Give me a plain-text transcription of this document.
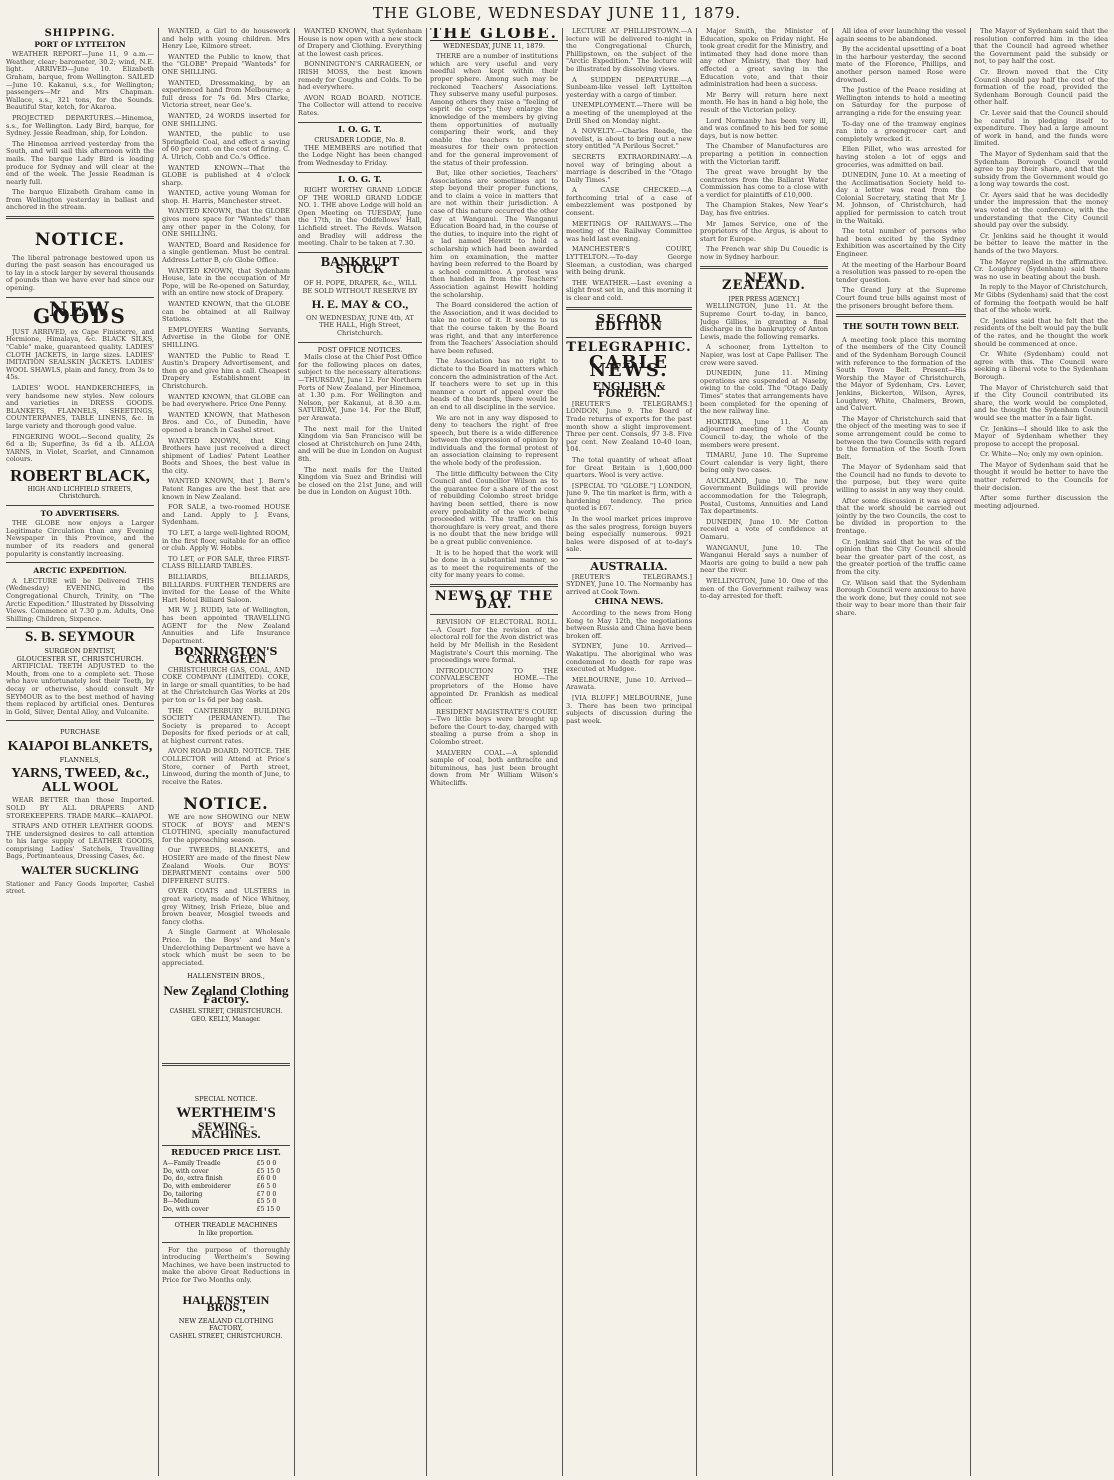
THE GLOBE, WEDNESDAY JUNE 11, 1879.
SHIPPING.
PORT OF LYTTELTON

WEATHER REPORT—June 11, 9 a.m.—Weather, clear; barometer, 30.2; wind, N.E. light. ARRIVED—June 10. Elizabeth Graham, barque, from Wellington. SAILED—June 10. Kakanui, s.s., for Wellington; passengers—Mr and Mrs Chapman. Wallace, s.s., 321 tons, for the Sounds. Beautiful Star, ketch, for Akaroa.

PROJECTED DEPARTURES.—Hinemoa, s.s., for Wellington. Lady Bird, barque, for Sydney. Jessie Readman, ship, for London.

The Hinemoa arrived yesterday from the South, and will sail this afternoon with the mails. The barque Lady Bird is loading produce for Sydney and will clear at the end of the week. The Jessie Readman is nearly full.

The barque Elizabeth Graham came in from Wellington yesterday in ballast and anchored in the stream.

NOTICE.

The liberal patronage bestowed upon us during the past season has encouraged us to lay in a stock larger by several thousands of pounds than we have ever had since our opening.

NEW GOODS

JUST ARRIVED, ex Cape Finisterre, and Hermione, Himalaya, &c. BLACK SILKS, "Cable" make, guaranteed quality. LADIES' CLOTH JACKETS, in large sizes. LADIES' IMITATION SEALSKIN JACKETS. LADIES' WOOL SHAWLS, plain and fancy, from 3s to 45s.

LADIES' WOOL HANDKERCHIEFS, in very handsome new styles. New colours and varieties in DRESS GOODS. BLANKETS, FLANNELS, SHEETINGS, COUNTERPANES, TABLE LINENS, &c. In large variety and thorough good value.

FINGERING WOOL—Second quality, 2s 6d a lb; Superfine, 3s 6d a lb. ALLOA YARNS, in Violet, Scarlet, and Cinnamon colours.

ROBERT BLACK,
HIGH AND LICHFIELD STREETS, Christchurch.
TO ADVERTISERS.

THE GLOBE now enjoys a Larger Legitimate Circulation than any Evening Newspaper in this Province, and the number of its readers and general popularity is constantly increasing.

ARCTIC EXPEDITION.

A LECTURE will be Delivered THIS (Wednesday) EVENING, in the Congregational Church, Trinity, on "The Arctic Expedition." Illustrated by Dissolving Views. Commence at 7.30 p.m. Adults, One Shilling; Children, Sixpence.

S. B. SEYMOUR
SURGEON DENTIST,
GLOUCESTER ST., CHRISTCHURCH.

ARTIFICIAL TEETH ADJUSTED to the Mouth, from one to a complete set. Those who have unfortunately lost their Teeth, by decay or otherwise, should consult Mr SEYMOUR as to the best method of having them replaced by artificial ones. Dentures in Gold, Silver, Dental Alloy, and Vulcanite.

PURCHASE
KAIAPOI BLANKETS,
FLANNELS,
YARNS, TWEED, &c.,
ALL WOOL

WEAR BETTER than those Imported. SOLD BY ALL DRAPERS AND STOREKEEPERS. TRADE MARK—KAIAPOI.

STRAPS AND OTHER LEATHER GOODS. THE undersigned desires to call attention to his large supply of LEATHER GOODS, comprising Ladies' Satchels, Travelling Bags, Portmanteaus, Dressing Cases, &c.

WALTER SUCKLING
Stationer and Fancy Goods Importer, Cashel street.

WANTED, a Girl to do housework and help with young children. Mrs Henry Lee, Kilmore street.

WANTED the Public to know, that the "GLOBE" Prepaid "Wanteds" for ONE SHILLING.

WANTED, Dressmaking, by an experienced hand from Melbourne; a full dress for 7s 6d. Mrs Clarke, Victoria street, near Gee's.

WANTED, 24 WORDS inserted for ONE SHILLING.

WANTED, the public to use Springfield Coal, and effect a saving of 60 per cent. on the cost of firing. C. A. Ulrich, Cobb and Co.'s Office.

WANTED KNOWN—That the GLOBE is published at 4 o'clock sharp.

WANTED, active young Woman for shop. H. Harris, Manchester street.

WANTED KNOWN, that the GLOBE gives more space for "Wanteds" than any other paper in the Colony, for ONE SHILLING.

WANTED, Board and Residence for a single gentleman. Must be central. Address Letter B, c/o Globe Office.

WANTED KNOWN, that Sydenham House, late in the occupation of Mr Pope, will be Re-opened on Saturday, with an entire new stock of Drapery.

WANTED KNOWN, that the GLOBE can be obtained at all Railway Stations.

EMPLOYERS Wanting Servants, Advertise in the Globe for ONE SHILLING.

WANTED the Public to Read T. Austin's Drapery Advertisement, and then go and give him a call. Cheapest Drapery Establishment in Christchurch.

WANTED KNOWN, that GLOBE can be had everywhere. Price One Penny.

WANTED KNOWN, that Matheson Bros. and Co., of Dunedin, have opened a branch in Cashel street.

WANTED KNOWN, that King Brothers have just received a direct shipment of Ladies' Patent Leather Boots and Shoes, the best value in the city.

WANTED KNOWN, that J. Bern's Patent Ranges are the best that are known in New Zealand.

FOR SALE, a two-roomed HOUSE and Land. Apply to J. Evans, Sydenham.

TO LET, a large well-lighted ROOM, in the first floor, suitable for an office or club. Apply W. Hobbs.

TO LET, or FOR SALE, three FIRST-CLASS BILLIARD TABLES.

BILLIARDS, BILLIARDS, BILLIARDS. FURTHER TENDERS are invited for the Lease of the White Hart Hotel Billiard Saloon.

MR W. J. RUDD, late of Wellington, has been appointed TRAVELLING AGENT for the New Zealand Annuities and Life Insurance Department.

BONNINGTON'S CARRAGEEN

CHRISTCHURCH GAS, COAL, AND COKE COMPANY (LIMITED). COKE, in large or small quantities, to be had at the Christchurch Gas Works at 20s per ton or 1s 6d per bag cash.

THE CANTERBURY BUILDING SOCIETY (PERMANENT). The Society is prepared to Accept Deposits for fixed periods or at call, at highest current rates.

AVON ROAD BOARD. NOTICE. THE COLLECTOR will Attend at Price's Store, corner of Perth street, Linwood, during the month of June, to receive the Rates.

NOTICE.

WE are now SHOWING our NEW STOCK of BOYS' and MEN'S CLOTHING, specially manufactured for the approaching season.

Our TWEEDS, BLANKETS, and HOSIERY are made of the finest New Zealand Wools. Our BOYS' DEPARTMENT contains over 500 DIFFERENT SUITS.

OVER COATS and ULSTERS in great variety, made of Nice Whitney, grey Witney, Irish Frieze, blue and brown beaver, Mosgiel tweeds and fancy cloths.

A Single Garment at Wholesale Price. In the Boys' and Men's Underclothing Department we have a stock which must be seen to be appreciated.

HALLENSTEIN BROS.,
New Zealand Clothing Factory.
CASHEL STREET, CHRISTCHURCH. GEO. KELLY, Manager.
SPECIAL NOTICE.
WERTHEIM'S
SEWING - MACHINES.
REDUCED PRICE LIST.
A—Family Treadle	£5 0 0
Do, with cover	£5 15 0
Do, do, extra finish	£6 0 0
Do, with embroiderer	£6 5 0
Do, tailoring	£7 0 0
B—Medium	£5 5 0
Do, with cover	£5 15 0
OTHER TREADLE MACHINES
In like proportion.

For the purpose of thoroughly introducing Wertheim's Sewing Machines, we have been instructed to make the above Great Reductions in Price for Two Months only.

HALLENSTEIN BROS.,
NEW ZEALAND CLOTHING FACTORY,
CASHEL STREET, CHRISTCHURCH.

WANTED KNOWN, that Sydenham House is now open with a new stock of Drapery and Clothing. Everything at the lowest cash prices.

BONNINGTON'S CARRAGEEN, or IRISH MOSS, the best known remedy for Coughs and Colds. To be had everywhere.

AVON ROAD BOARD. NOTICE. The Collector will attend to receive Rates.

I. O. G. T.
CRUSADER LODGE, No. 8.

THE MEMBERS are notified that the Lodge Night has been changed from Wednesday to Friday.

I. O. G. T.

RIGHT WORTHY GRAND LODGE OF THE WORLD GRAND LODGE NO. 1. THE above Lodge will hold an Open Meeting on TUESDAY, June the 17th, in the Oddfellows' Hall, Lichfield street. The Revds. Watson and Bradley will address the meeting. Chair to be taken at 7.30.

BANKRUPT STOCK

OF H. POPE, DRAPER, &c., WILL BE SOLD WITHOUT RESERVE BY

H. E. MAY & CO.,

ON WEDNESDAY, JUNE 4th, AT THE HALL, High Street, Christchurch.

POST OFFICE NOTICES.

Mails close at the Chief Post Office for the following places on dates, subject to the necessary alterations:—THURSDAY, June 12. For Northern Ports of New Zealand, per Hinemoa, at 1.30 p.m. For Wellington and Nelson, per Kakanui, at 8.30 a.m. SATURDAY, June 14. For the Bluff, per Arawata.

The next mail for the United Kingdom via San Francisco will be closed at Christchurch on June 24th, and will be due in London on August 8th.

The next mails for the United Kingdom via Suez and Brindisi will be closed on the 21st June, and will be due in London on August 10th.

THE GLOBE.
WEDNESDAY, JUNE 11, 1879.

THERE are a number of institutions which are very useful and very needful when kept within their proper sphere. Among such may be reckoned Teachers' Associations. They subserve many useful purposes. Among others they raise a "feeling of esprit de corps"; they enlarge the knowledge of the members by giving them opportunities of mutually comparing their work, and they enable the teachers to present measures for their own protection and for the general improvement of the status of their profession.

But, like other societies, Teachers' Associations are sometimes apt to step beyond their proper functions, and to claim a voice in matters that are not within their jurisdiction. A case of this nature occurred the other day at Wanganui. The Wanganui Education Board had, in the course of the duties, to inquire into the right of a lad named Hewitt to hold a scholarship which had been awarded him on examination, the matter having been referred to the Board by a school committee. A protest was then handed in from the Teachers' Association against Hewitt holding the scholarship.

The Board considered the action of the Association, and it was decided to take no notice of it. It seems to us that the course taken by the Board was right, and that any interference from the Teachers' Association should have been refused.

The Association has no right to dictate to the Board in matters which concern the administration of the Act. If teachers were to set up in this manner a court of appeal over the heads of the boards, there would be an end to all discipline in the service.

We are not in any way disposed to deny to teachers the right of free speech, but there is a wide difference between the expression of opinion by individuals and the formal protest of an association claiming to represent the whole body of the profession.

The little difficulty between the City Council and Councillor Wilson as to the guarantee for a share of the cost of rebuilding Colombo street bridge having been settled, there is now every probability of the work being proceeded with. The traffic on this thoroughfare is very great, and there is no doubt that the new bridge will be a great public convenience.

It is to be hoped that the work will be done in a substantial manner, so as to meet the requirements of the city for many years to come.

NEWS OF THE DAY.

REVISION OF ELECTORAL ROLL.—A Court for the revision of the electoral roll for the Avon district was held by Mr Mellish in the Resident Magistrate's Court this morning. The proceedings were formal.

INTRODUCTION TO THE CONVALESCENT HOME.—The proprietors of the Home have appointed Dr. Frankish as medical officer.

RESIDENT MAGISTRATE'S COURT.—Two little boys were brought up before the Court to-day, charged with stealing a purse from a shop in Colombo street.

MALVERN COAL.—A splendid sample of coal, both anthracite and bituminous, has just been brought down from Mr William Wilson's Whitecliffs.

LECTURE AT PHILLIPSTOWN.—A lecture will be delivered to-night in the Congregational Church, Phillipstown, on the subject of the "Arctic Expedition." The lecture will be illustrated by dissolving views.

A SUDDEN DEPARTURE.—A Sunbeam-like vessel left Lyttelton yesterday with a cargo of timber.

UNEMPLOYMENT.—There will be a meeting of the unemployed at the Drill Shed on Monday night.

A NOVELTY.—Charles Reade, the novelist, is about to bring out a new story entitled "A Perilous Secret."

SECRETS EXTRAORDINARY.—A novel way of bringing about a marriage is described in the "Otago Daily Times."

A CASE CHECKED.—A forthcoming trial of a case of embezzlement was postponed by consent.

MEETINGS OF RAILWAYS.—The meeting of the Railway Committee was held last evening.

MANCHESTER'S COURT, LYTTELTON.—To-day George Sleeman, a custodian, was charged with being drunk.

THE WEATHER.—Last evening a slight frost set in, and this morning it is clear and cold.

SECOND EDITION
TELEGRAPHIC.
CABLE NEWS.
ENGLISH & FOREIGN.

[REUTER'S TELEGRAMS.] LONDON, June 9. The Board of Trade returns of exports for the past month show a slight improvement. Three per cent. Consols, 97 3-8. Five per cent. New Zealand 10-40 loan, 104.

The total quantity of wheat afloat for Great Britain is 1,600,000 quarters. Wool is very active.

[SPECIAL TO "GLOBE."] LONDON, June 9. The tin market is firm, with a hardening tendency. The price quoted is £67.

In the wool market prices improve as the sales progress, foreign buyers being especially numerous. 9921 bales were disposed of at to-day's sale.

AUSTRALIA.

[REUTER'S TELEGRAMS.] SYDNEY, June 10. The Normanby has arrived at Cook Town.

CHINA NEWS.

According to the news from Hong Kong to May 12th, the negotiations between Russia and China have been broken off.

SYDNEY, June 10. Arrived—Wakatipu. The aboriginal who was condemned to death for rape was executed at Mudgee.

MELBOURNE, June 10. Arrived—Arawata.

[VIA BLUFF.] MELBOURNE, June 3. There has been two principal subjects of discussion during the past week.

Major Smith, the Minister of Education, spoke on Friday night. He took great credit for the Ministry, and intimated they had done more than any other Ministry, that they had effected a great saving in the Education vote, and that their administration had been a success.

Mr Berry will return here next month. He has in hand a big hole, the result of the Victorian policy.

Lord Normanby has been very ill, and was confined to his bed for some days, but is now better.

The Chamber of Manufactures are preparing a petition in connection with the Victorian tariff.

The great wave brought by the contractors from the Ballarat Water Commission has come to a close with a verdict for plaintiffs of £10,000.

The Champion Stakes, New Year's Day, has five entries.

Mr James Service, one of the proprietors of the Argus, is about to start for Europe.

The French war ship Du Couedic is now in Sydney harbour.

NEW ZEALAND.
[PER PRESS AGENCY.]

WELLINGTON, June 11. At the Supreme Court to-day, in banco, Judge Gillies, in granting a final discharge in the bankruptcy of Anton Lewis, made the following remarks.

A schooner, from Lyttelton to Napier, was lost at Cape Palliser. The crew were saved.

DUNEDIN, June 11. Mining operations are suspended at Naseby, owing to the cold. The "Otago Daily Times" states that arrangements have been completed for the opening of the new railway line.

HOKITIKA, June 11. At an adjourned meeting of the County Council to-day, the whole of the members were present.

TIMARU, June 10. The Supreme Court calendar is very light, there being only two cases.

AUCKLAND, June 10. The new Government Buildings will provide accommodation for the Telegraph, Postal, Customs, Annuities and Land Tax departments.

DUNEDIN, June 10. Mr Cotton received a vote of confidence at Oamaru.

WANGANUI, June 10. The Wanganui Herald says a number of Maoris are going to build a new pah near the river.

WELLINGTON, June 10. One of the men of the Government railway was to-day arrested for theft.

All idea of ever launching the vessel again seems to be abandoned.

By the accidental upsetting of a boat in the harbour yesterday, the second mate of the Florence, Phillips, and another person named Rose were drowned.

The Justice of the Peace residing at Wellington intends to hold a meeting on Saturday for the purpose of arranging a ride for the ensuing year.

To-day one of the tramway engines ran into a greengrocer cart and completely wrecked it.

Ellen Fillet, who was arrested for having stolen a lot of eggs and groceries, was admitted on bail.

DUNEDIN, June 10. At a meeting of the Acclimatisation Society held to-day a letter was read from the Colonial Secretary, stating that Mr J. M. Johnson, of Christchurch, had applied for permission to catch trout in the Waitaki.

The total number of persons who had been excited by the Sydney Exhibition was ascertained by the City Engineer.

At the meeting of the Harbour Board a resolution was passed to re-open the tender question.

The Grand Jury at the Supreme Court found true bills against most of the prisoners brought before them.

THE SOUTH TOWN BELT.

A meeting took place this morning of the members of the City Council and of the Sydenham Borough Council with reference to the formation of the South Town Belt. Present—His Worship the Mayor of Christchurch, the Mayor of Sydenham, Crs. Lever, Jenkins, Bickerton, Wilson, Ayres, Loughrey, White, Chalmers, Brown, and Calvert.

The Mayor of Christchurch said that the object of the meeting was to see if some arrangement could be come to between the two Councils with regard to the formation of the South Town Belt.

The Mayor of Sydenham said that the Council had no funds to devote to the purpose, but they were quite willing to assist in any way they could.

After some discussion it was agreed that the work should be carried out jointly by the two Councils, the cost to be divided in proportion to the frontage.

Cr. Jenkins said that he was of the opinion that the City Council should bear the greater part of the cost, as the greater portion of the traffic came from the city.

Cr. Wilson said that the Sydenham Borough Council were anxious to have the work done, but they could not see their way to bear more than their fair share.

The Mayor of Sydenham said that the resolution conferred him in the idea that the Council had agreed whether the Government paid the subsidy or not, to pay half the cost.

Cr. Brown moved that the City Council should pay half the cost of the formation of the road, provided the Sydenham Borough Council paid the other half.

Cr. Lever said that the Council should be careful in pledging itself to expenditure. They had a large amount of work in hand, and the funds were limited.

The Mayor of Sydenham said that the Sydenham Borough Council would agree to pay their share, and that the subsidy from the Government would go a long way towards the cost.

Cr. Ayers said that he was decidedly under the impression that the money was voted at the conference, with the understanding that the City Council should pay over the subsidy.

Cr. Jenkins said he thought it would be better to leave the matter in the hands of the two Mayors.

The Mayor replied in the affirmative. Cr. Loughrey (Sydenham) said there was no use in beating about the bush.

In reply to the Mayor of Christchurch, Mr Gibbs (Sydenham) said that the cost of forming the footpath would be half that of the whole work.

Cr. Jenkins said that he felt that the residents of the belt would pay the bulk of the rates, and he thought the work should be commenced at once.

Cr. White (Sydenham) could not agree with this. The Council were seeking a liberal vote to the Sydenham Borough.

The Mayor of Christchurch said that if the City Council contributed its share, the work would be completed, and he thought the Sydenham Council would see the matter in a fair light.

Cr. Jenkins—I should like to ask the Mayor of Sydenham whether they propose to accept the proposal.

Cr. White—No; only my own opinion.

The Mayor of Sydenham said that he thought it would be better to have the matter referred to the Councils for their decision.

After some further discussion the meeting adjourned.
